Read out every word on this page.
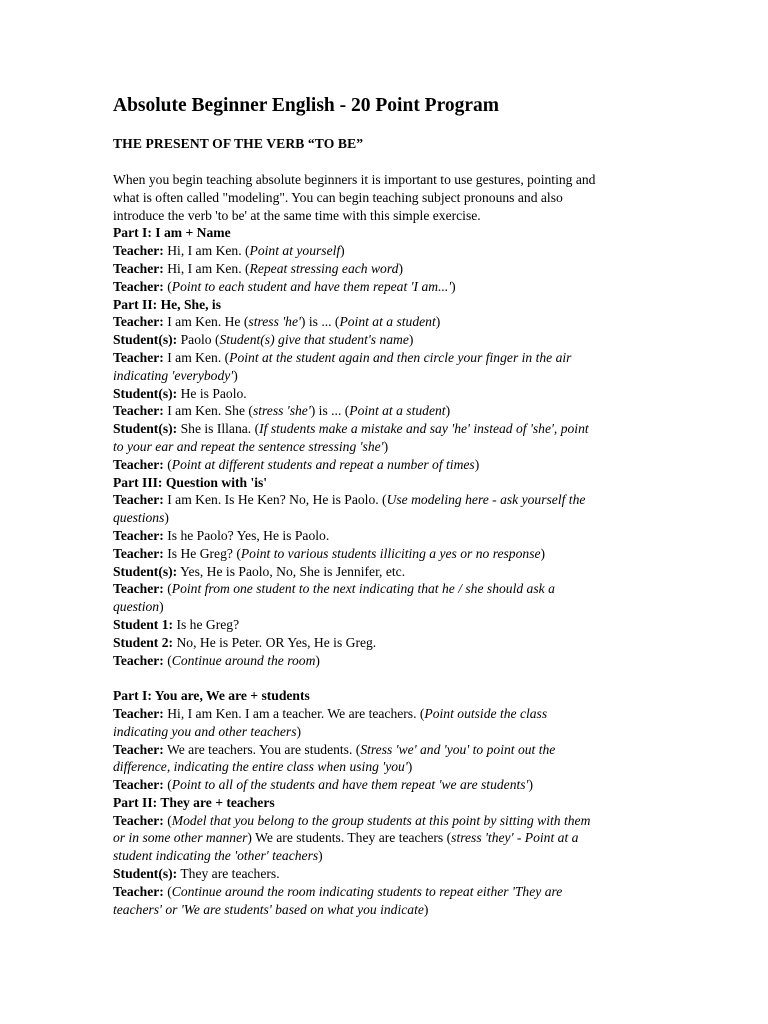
Absolute Beginner English - 20 Point Program
THE PRESENT OF THE VERB “TO BE”
When you begin teaching absolute beginners it is important to use gestures, pointing and
what is often called "modeling". You can begin teaching subject pronouns and also
introduce the verb 'to be' at the same time with this simple exercise.
Part I: I am + Name
Teacher: Hi, I am Ken. (Point at yourself)
Teacher: Hi, I am Ken. (Repeat stressing each word)
Teacher: (Point to each student and have them repeat 'I am...')
Part II: He, She, is
Teacher: I am Ken. He (stress 'he') is ... (Point at a student)
Student(s): Paolo (Student(s) give that student's name)
Teacher: I am Ken. (Point at the student again and then circle your finger in the air
indicating 'everybody')
Student(s): He is Paolo.
Teacher: I am Ken. She (stress 'she') is ... (Point at a student)
Student(s): She is Illana. (If students make a mistake and say 'he' instead of 'she', point
to your ear and repeat the sentence stressing 'she')
Teacher: (Point at different students and repeat a number of times)
Part III: Question with 'is'
Teacher: I am Ken. Is He Ken? No, He is Paolo. (Use modeling here - ask yourself the
questions)
Teacher: Is he Paolo? Yes, He is Paolo.
Teacher: Is He Greg? (Point to various students illiciting a yes or no response)
Student(s): Yes, He is Paolo, No, She is Jennifer, etc.
Teacher: (Point from one student to the next indicating that he / she should ask a
question)
Student 1: Is he Greg?
Student 2: No, He is Peter. OR Yes, He is Greg.
Teacher: (Continue around the room)
Part I: You are, We are + students
Teacher: Hi, I am Ken. I am a teacher. We are teachers. (Point outside the class
indicating you and other teachers)
Teacher: We are teachers. You are students. (Stress 'we' and 'you' to point out the
difference, indicating the entire class when using 'you')
Teacher: (Point to all of the students and have them repeat 'we are students')
Part II: They are + teachers
Teacher: (Model that you belong to the group students at this point by sitting with them
or in some other manner) We are students. They are teachers (stress 'they' - Point at a
student indicating the 'other' teachers)
Student(s): They are teachers.
Teacher: (Continue around the room indicating students to repeat either 'They are
teachers' or 'We are students' based on what you indicate)
